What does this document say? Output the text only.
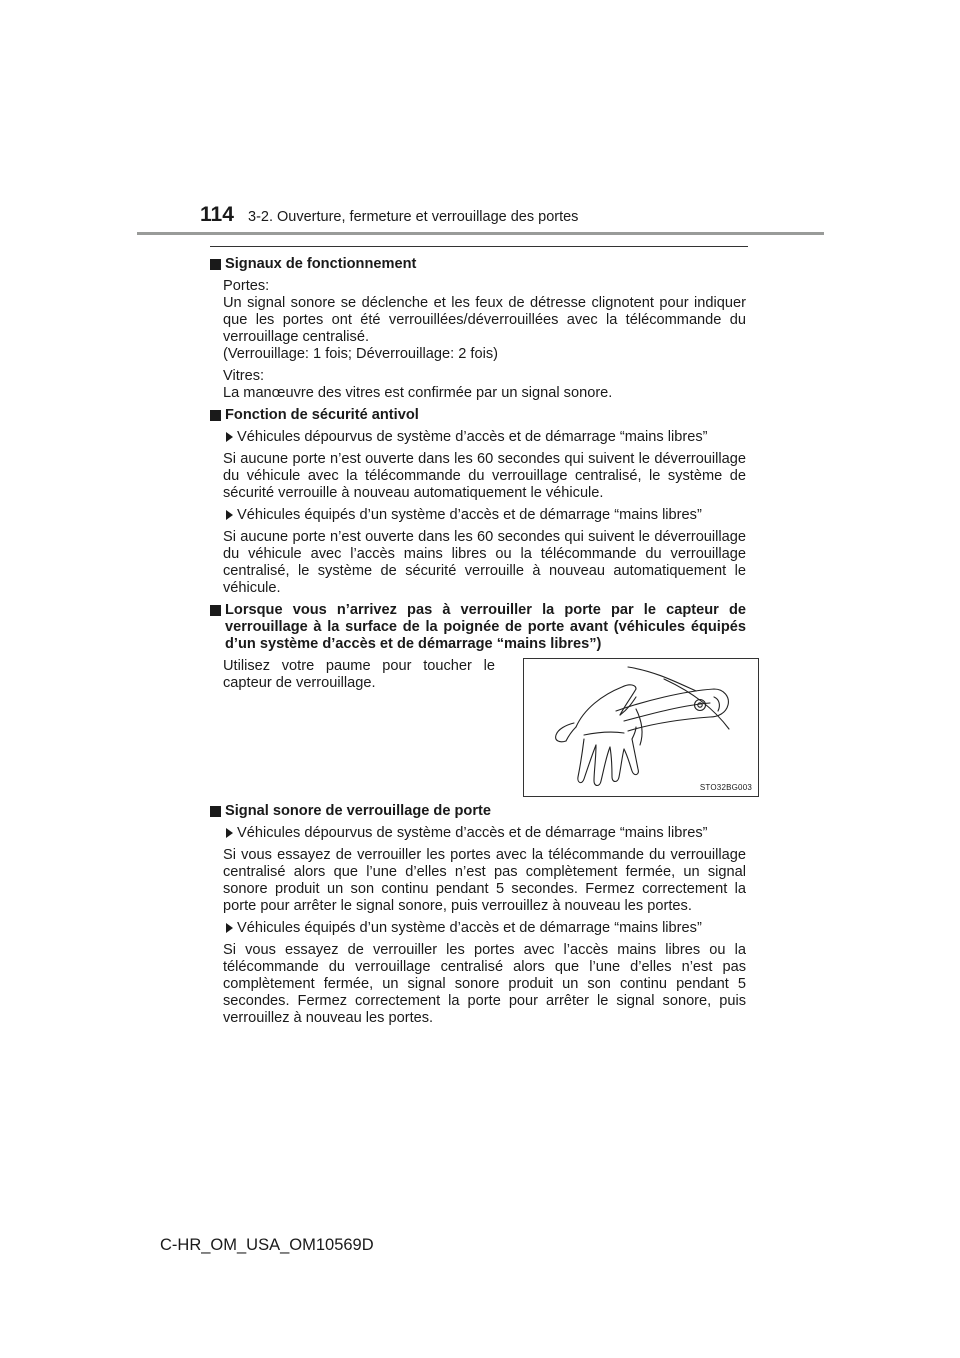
114 3-2. Ouverture, fermeture et verrouillage des portes
Signaux de fonctionnement
Portes:
Un signal sonore se déclenche et les feux de détresse clignotent pour indiquer que les portes ont été verrouillées/déverrouillées avec la télécommande du verrouillage centralisé.
(Verrouillage: 1 fois; Déverrouillage: 2 fois)
Vitres:
La manœuvre des vitres est confirmée par un signal sonore.
Fonction de sécurité antivol
Véhicules dépourvus de système d’accès et de démarrage “mains libres”
Si aucune porte n’est ouverte dans les 60 secondes qui suivent le déverrouillage du véhicule avec la télécommande du verrouillage centralisé, le système de sécurité verrouille à nouveau automatiquement le véhicule.
Véhicules équipés d’un système d’accès et de démarrage “mains libres”
Si aucune porte n’est ouverte dans les 60 secondes qui suivent le déverrouillage du véhicule avec l’accès mains libres ou la télécommande du verrouillage centralisé, le système de sécurité verrouille à nouveau automatiquement le véhicule.
Lorsque vous n’arrivez pas à verrouiller la porte par le capteur de verrouillage à la surface de la poignée de porte avant (véhicules équipés d’un système d’accès et de démarrage “mains libres”)
Utilisez votre paume pour toucher le capteur de verrouillage.
STO32BG003
Signal sonore de verrouillage de porte
Véhicules dépourvus de système d’accès et de démarrage “mains libres”
Si vous essayez de verrouiller les portes avec la télécommande du verrouillage centralisé alors que l’une d’elles n’est pas complètement fermée, un signal sonore produit un son continu pendant 5 secondes. Fermez correctement la porte pour arrêter le signal sonore, puis verrouillez à nouveau les portes.
Véhicules équipés d’un système d’accès et de démarrage “mains libres”
Si vous essayez de verrouiller les portes avec l’accès mains libres ou la télécommande du verrouillage centralisé alors que l’une d’elles n’est pas complètement fermée, un signal sonore produit un son continu pendant 5 secondes. Fermez correctement la porte pour arrêter le signal sonore, puis verrouillez à nouveau les portes.
C-HR_OM_USA_OM10569D
